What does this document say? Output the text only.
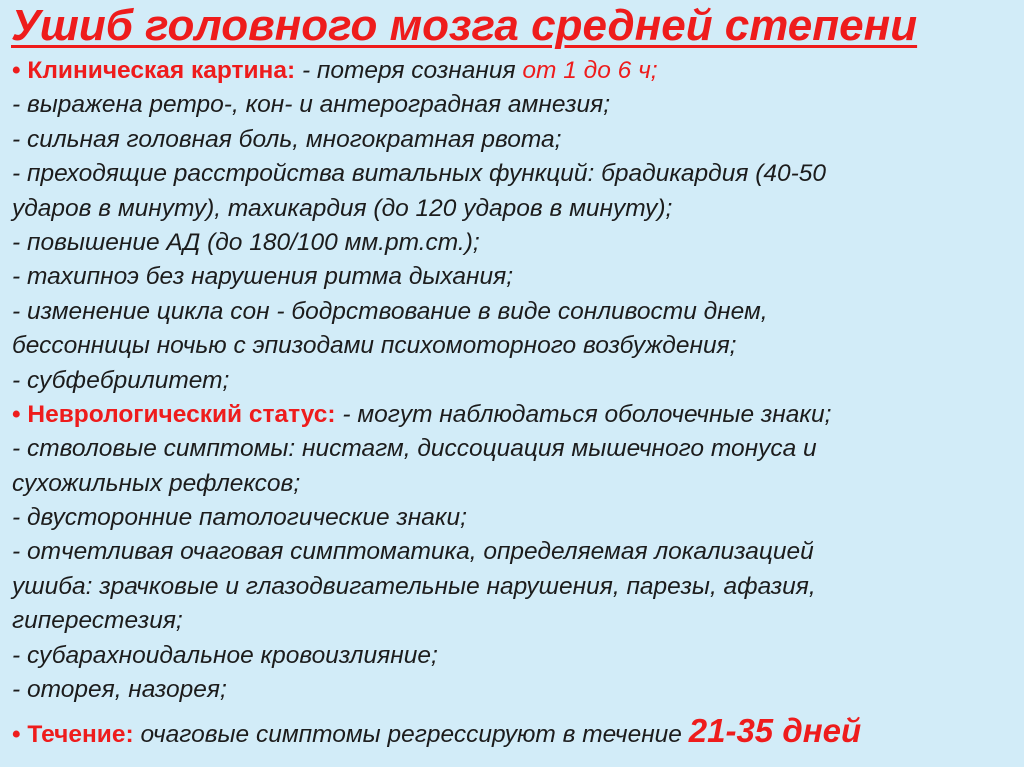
Ушиб головного мозга средней степени
• Клиническая картина: - потеря сознания от 1 до 6 ч;
- выражена ретро-, кон- и антероградная амнезия;
- сильная головная боль, многократная рвота;
- преходящие расстройства витальных функций: брадикардия (40-50
ударов в минуту), тахикардия (до 120 ударов в минуту);
- повышение АД (до 180/100 мм.рт.ст.);
- тахипноэ без нарушения ритма дыхания;
- изменение цикла сон - бодрствование в виде сонливости днем,
бессонницы ночью с эпизодами психомоторного возбуждения;
- субфебрилитет;
• Неврологический статус: - могут наблюдаться оболочечные знаки;
- стволовые симптомы: нистагм, диссоциация мышечного тонуса и
сухожильных рефлексов;
- двусторонние патологические знаки;
- отчетливая очаговая симптоматика, определяемая локализацией
ушиба: зрачковые и глазодвигательные нарушения, парезы, афазия,
гиперестезия;
- субарахноидальное кровоизлияние;
- оторея, назорея;
• Течение: очаговые симптомы регрессируют в течение 21-35 дней
